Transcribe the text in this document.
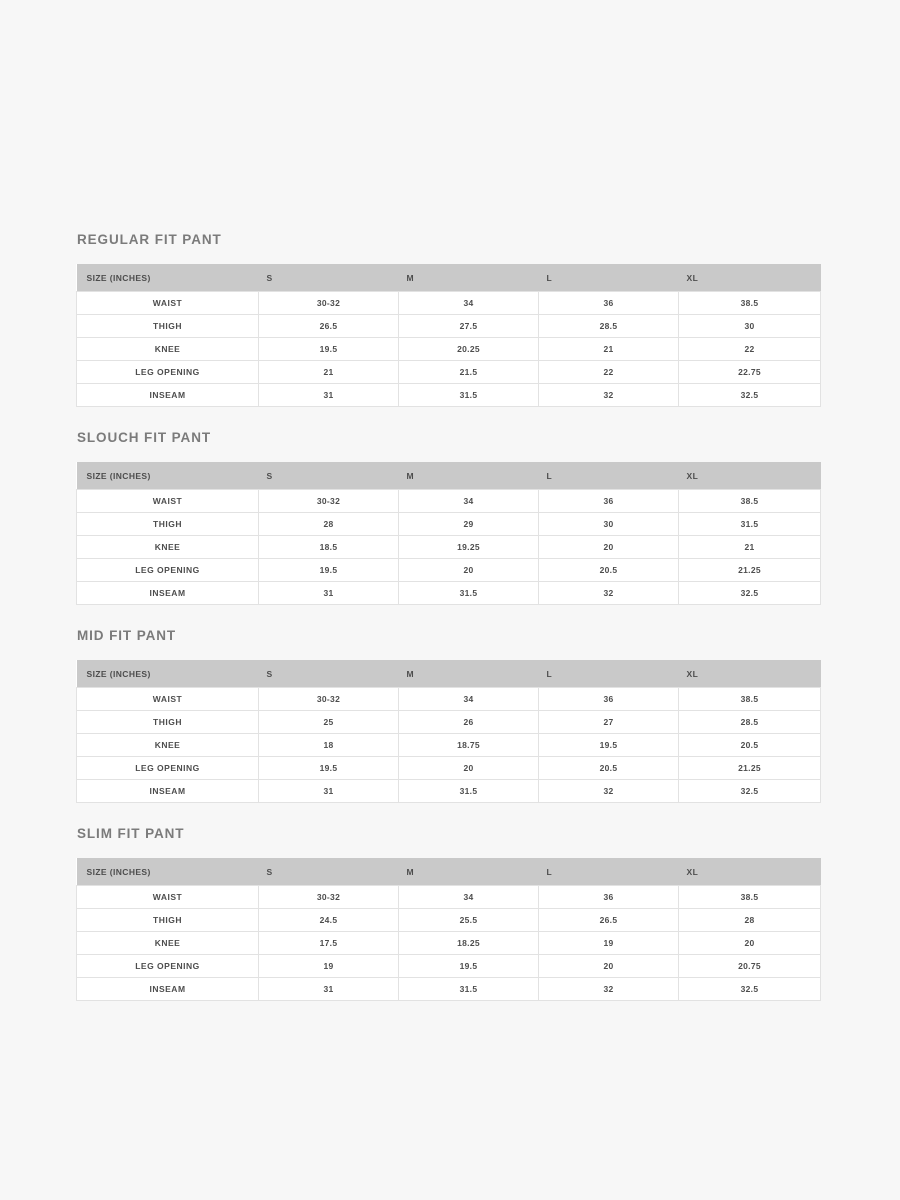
REGULAR FIT PANT
SIZE (INCHES)	S	M	L	XL
WAIST	30-32	34	36	38.5
THIGH	26.5	27.5	28.5	30
KNEE	19.5	20.25	21	22
LEG OPENING	21	21.5	22	22.75
INSEAM	31	31.5	32	32.5
SLOUCH FIT PANT
SIZE (INCHES)	S	M	L	XL
WAIST	30-32	34	36	38.5
THIGH	28	29	30	31.5
KNEE	18.5	19.25	20	21
LEG OPENING	19.5	20	20.5	21.25
INSEAM	31	31.5	32	32.5
MID FIT PANT
SIZE (INCHES)	S	M	L	XL
WAIST	30-32	34	36	38.5
THIGH	25	26	27	28.5
KNEE	18	18.75	19.5	20.5
LEG OPENING	19.5	20	20.5	21.25
INSEAM	31	31.5	32	32.5
SLIM FIT PANT
SIZE (INCHES)	S	M	L	XL
WAIST	30-32	34	36	38.5
THIGH	24.5	25.5	26.5	28
KNEE	17.5	18.25	19	20
LEG OPENING	19	19.5	20	20.75
INSEAM	31	31.5	32	32.5
